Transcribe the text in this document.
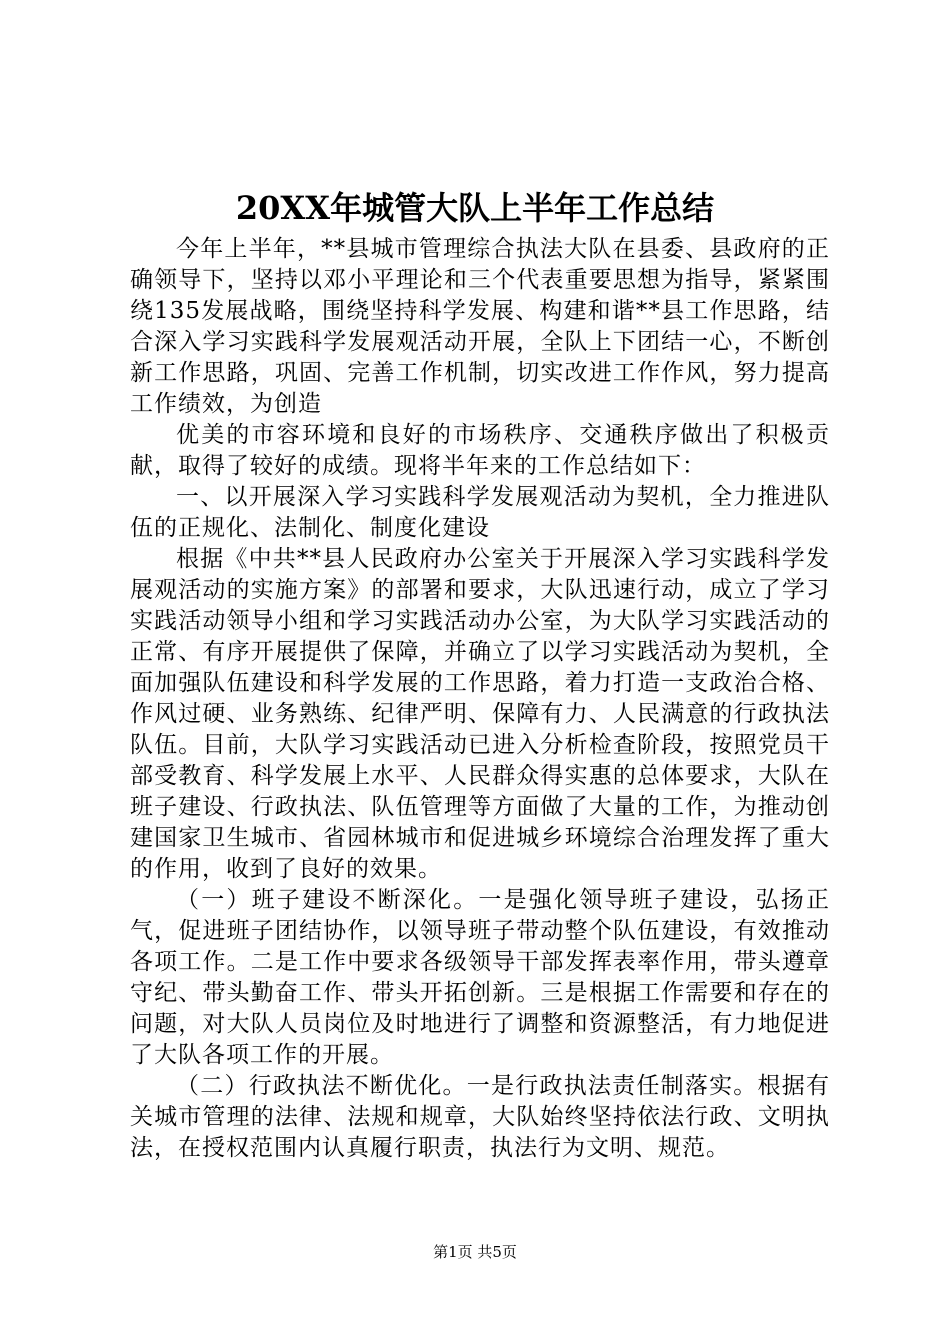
20XX年城管大队上半年工作总结

今年上半年，**县城市管理综合执法大队在县委、县政府的正确领导下，坚持以邓小平理论和三个代表重要思想为指导，紧紧围绕135发展战略，围绕坚持科学发展、构建和谐**县工作思路，结合深入学习实践科学发展观活动开展，全队上下团结一心，不断创新工作思路，巩固、完善工作机制，切实改进工作作风，努力提高工作绩效，为创造

优美的市容环境和良好的市场秩序、交通秩序做出了积极贡献，取得了较好的成绩。现将半年来的工作总结如下：

一、以开展深入学习实践科学发展观活动为契机，全力推进队伍的正规化、法制化、制度化建设

根据《中共**县人民政府办公室关于开展深入学习实践科学发展观活动的实施方案》的部署和要求，大队迅速行动，成立了学习实践活动领导小组和学习实践活动办公室，为大队学习实践活动的正常、有序开展提供了保障，并确立了以学习实践活动为契机，全面加强队伍建设和科学发展的工作思路，着力打造一支政治合格、作风过硬、业务熟练、纪律严明、保障有力、人民满意的行政执法队伍。目前，大队学习实践活动已进入分析检查阶段，按照党员干部受教育、科学发展上水平、人民群众得实惠的总体要求，大队在班子建设、行政执法、队伍管理等方面做了大量的工作，为推动创建国家卫生城市、省园林城市和促进城乡环境综合治理发挥了重大的作用，收到了良好的效果。

（一）班子建设不断深化。一是强化领导班子建设，弘扬正气，促进班子团结协作，以领导班子带动整个队伍建设，有效推动各项工作。二是工作中要求各级领导干部发挥表率作用，带头遵章守纪、带头勤奋工作、带头开拓创新。三是根据工作需要和存在的问题，对大队人员岗位及时地进行了调整和资源整活，有力地促进了大队各项工作的开展。

（二）行政执法不断优化。一是行政执法责任制落实。根据有关城市管理的法律、法规和规章，大队始终坚持依法行政、文明执法，在授权范围内认真履行职责，执法行为文明、规范。

第1页 共5页
